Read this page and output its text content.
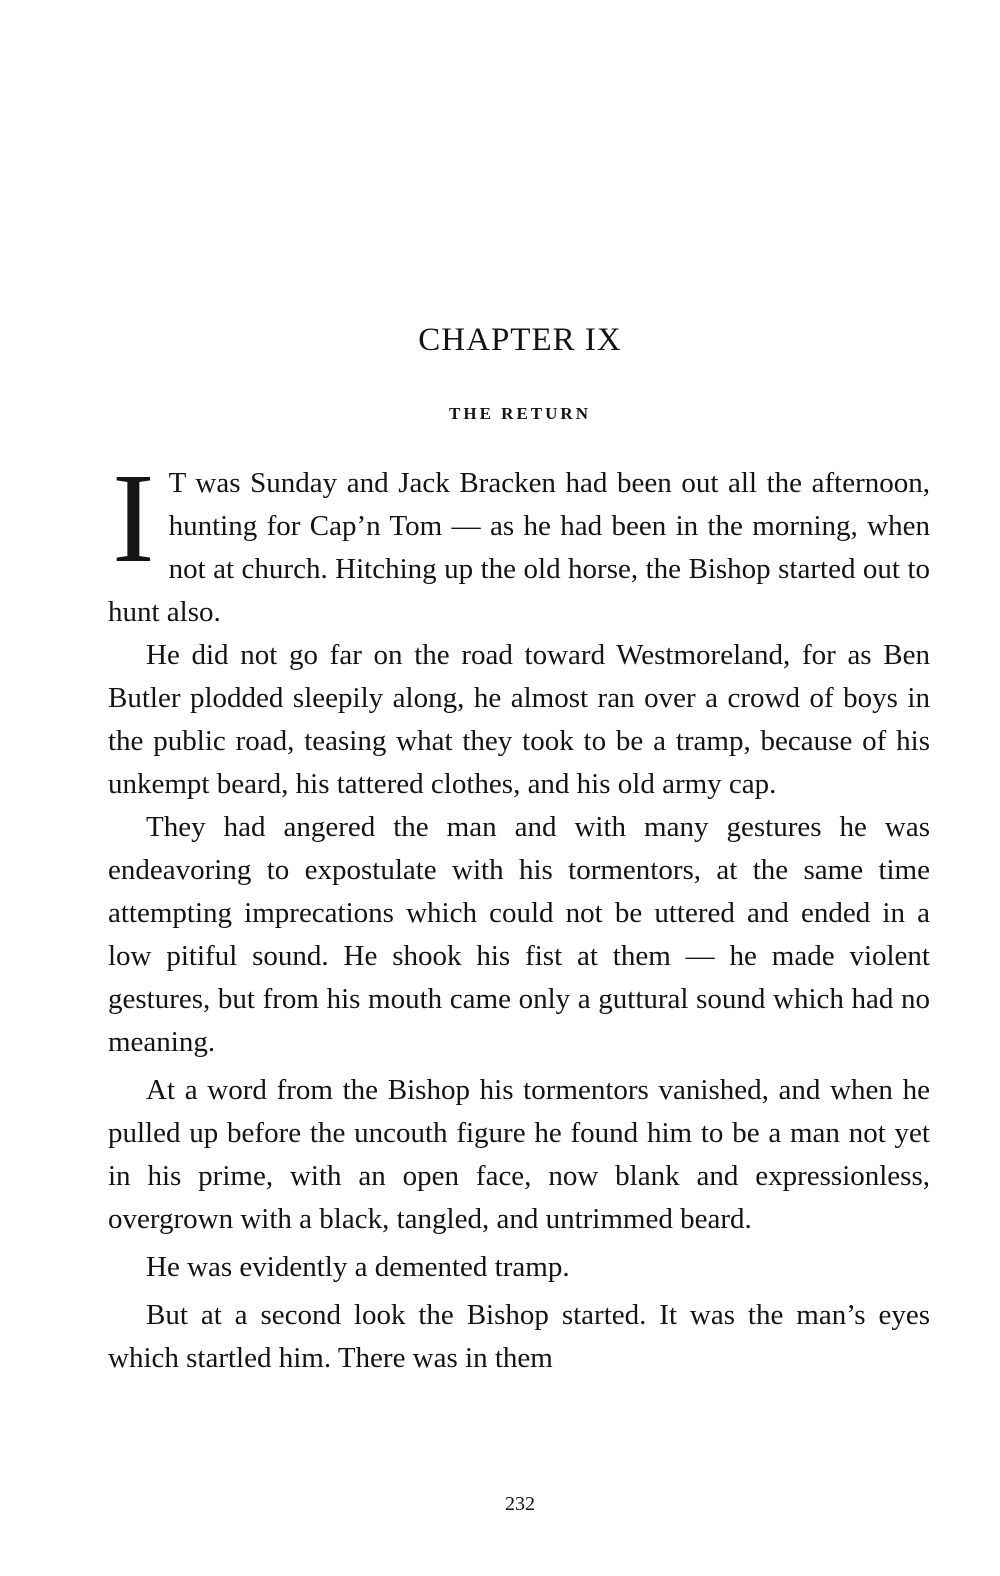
CHAPTER IX
THE RETURN

I T was Sunday and Jack Bracken had been out all the afternoon, hunting for Cap’n Tom — as he had been in the morning, when not at church. Hitching up the old horse, the Bishop started out to hunt also.

He did not go far on the road toward Westmoreland, for as Ben Butler plodded sleepily along, he almost ran over a crowd of boys in the public road, teasing what they took to be a tramp, because of his unkempt beard, his tattered clothes, and his old army cap.

They had angered the man and with many gestures he was endeavoring to expostulate with his tormentors, at the same time attempting imprecations which could not be uttered and ended in a low pitiful sound. He shook his fist at them — he made violent gestures, but from his mouth came only a guttural sound which had no meaning.

At a word from the Bishop his tormentors vanished, and when he pulled up before the uncouth figure he found him to be a man not yet in his prime, with an open face, now blank and expressionless, overgrown with a black, tangled, and untrimmed beard.

He was evidently a demented tramp.

But at a second look the Bishop started. It was the man’s eyes which startled him. There was in them

232
